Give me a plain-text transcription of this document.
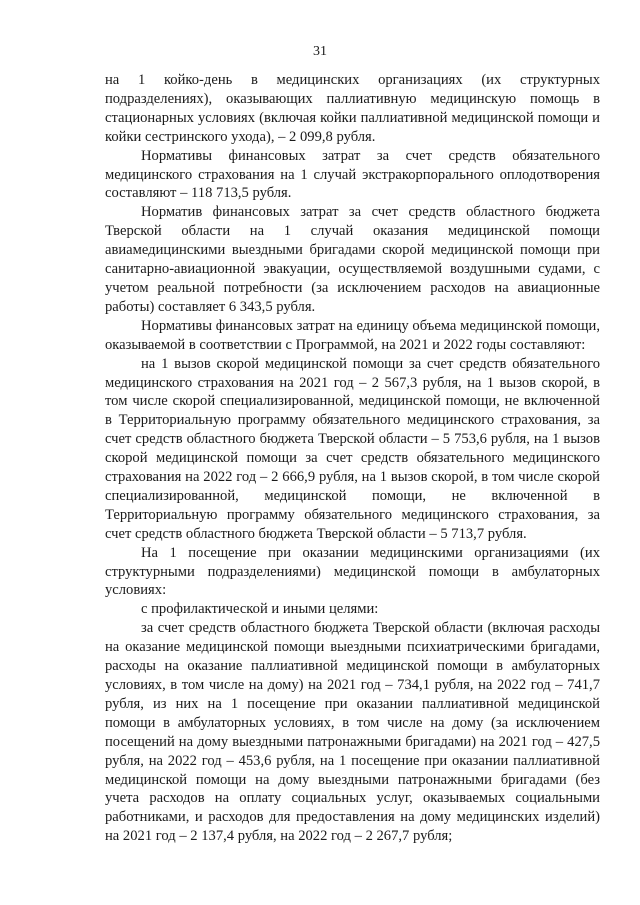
31

на 1 койко-день в медицинских организациях (их структурных подразделениях), оказывающих паллиативную медицинскую помощь в стационарных условиях (включая койки паллиативной медицинской помощи и койки сестринского ухода), – 2 099,8 рубля.

Нормативы финансовых затрат за счет средств обязательного медицинского страхования на 1 случай экстракорпорального оплодотворения составляют – 118 713,5 рубля.

Норматив финансовых затрат за счет средств областного бюджета Тверской области на 1 случай оказания медицинской помощи авиамедицинскими выездными бригадами скорой медицинской помощи при санитарно-авиационной эвакуации, осуществляемой воздушными судами, с учетом реальной потребности (за исключением расходов на авиационные работы) составляет 6 343,5 рубля.

Нормативы финансовых затрат на единицу объема медицинской помощи, оказываемой в соответствии с Программой, на 2021 и 2022 годы составляют:

на 1 вызов скорой медицинской помощи за счет средств обязательного медицинского страхования на 2021 год – 2 567,3 рубля, на 1 вызов скорой, в том числе скорой специализированной, медицинской помощи, не включенной в Территориальную программу обязательного медицинского страхования, за счет средств областного бюджета Тверской области – 5 753,6 рубля, на 1 вызов скорой медицинской помощи за счет средств обязательного медицинского страхования на 2022 год – 2 666,9 рубля, на 1 вызов скорой, в том числе скорой специализированной, медицинской помощи, не включенной в Территориальную программу обязательного медицинского страхования, за счет средств областного бюджета Тверской области – 5 713,7 рубля.

На 1 посещение при оказании медицинскими организациями (их структурными подразделениями) медицинской помощи в амбулаторных условиях:

с профилактической и иными целями:

за счет средств областного бюджета Тверской области (включая расходы на оказание медицинской помощи выездными психиатрическими бригадами, расходы на оказание паллиативной медицинской помощи в амбулаторных условиях, в том числе на дому) на 2021 год – 734,1 рубля, на 2022 год – 741,7 рубля, из них на 1 посещение при оказании паллиативной медицинской помощи в амбулаторных условиях, в том числе на дому (за исключением посещений на дому выездными патронажными бригадами) на 2021 год – 427,5 рубля, на 2022 год – 453,6 рубля, на 1 посещение при оказании паллиативной медицинской помощи на дому выездными патронажными бригадами (без учета расходов на оплату социальных услуг, оказываемых социальными работниками, и расходов для предоставления на дому медицинских изделий) на 2021 год – 2 137,4 рубля, на 2022 год – 2 267,7 рубля;
